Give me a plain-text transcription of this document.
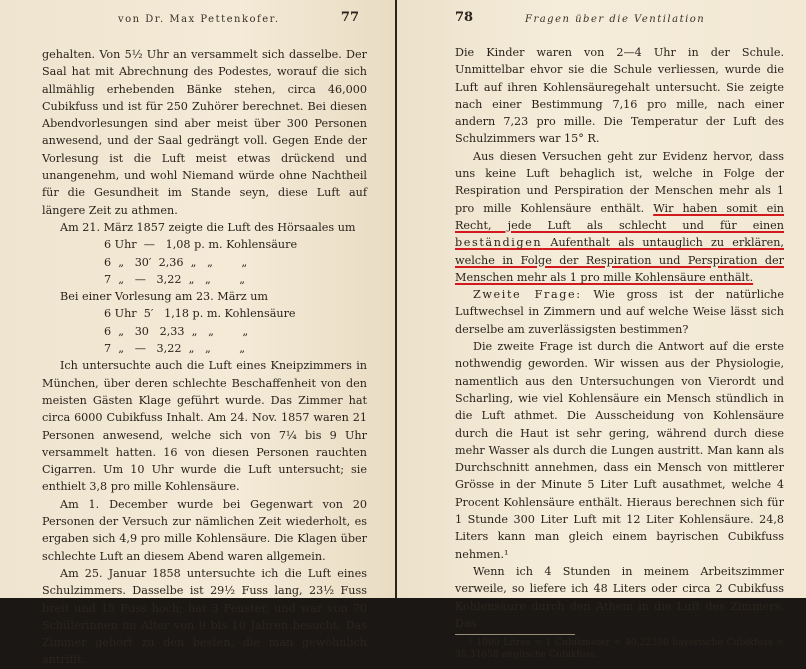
von Dr. Max Pettenkofer.	77

gehalten. Von 5½ Uhr an versammelt sich dasselbe. Der Saal hat mit Abrechnung des Podestes, worauf die sich allmählig erhebenden Bänke stehen, circa 46,000 Cubikfuss und ist für 250 Zuhörer berechnet. Bei diesen Abendvorlesungen sind aber meist über 300 Personen anwesend, und der Saal gedrängt voll. Gegen Ende der Vorlesung ist die Luft meist etwas drückend und unangenehm, und wohl Niemand würde ohne Nachtheil für die Gesundheit im Stande seyn, diese Luft auf längere Zeit zu athmen.

Am 21. März 1857 zeigte die Luft des Hörsaales um

6 Uhr  —   1,08 p. m. Kohlensäure

6  „   30′  2,36  „   „        „

7  „   —   3,22  „   „        „

Bei einer Vorlesung am 23. März um

6 Uhr  5′   1,18 p. m. Kohlensäure

6  „   30   2,33  „   „        „

7  „   —   3,22  „   „        „

Ich untersuchte auch die Luft eines Kneipzimmers in München, über deren schlechte Beschaffenheit von den meisten Gästen Klage geführt wurde. Das Zimmer hat circa 6000 Cubikfuss Inhalt. Am 24. Nov. 1857 waren 21 Personen anwesend, welche sich von 7¼ bis 9 Uhr versammelt hatten. 16 von diesen Personen rauchten Cigarren. Um 10 Uhr wurde die Luft untersucht; sie enthielt 3,8 pro mille Kohlensäure.

Am 1. December wurde bei Gegenwart von 20 Personen der Versuch zur nämlichen Zeit wiederholt, es ergaben sich 4,9 pro mille Kohlensäure. Die Klagen über schlechte Luft an diesem Abend waren allgemein.

Am 25. Januar 1858 untersuchte ich die Luft eines Schulzimmers. Dasselbe ist 29½ Fuss lang, 23½ Fuss breit und 15 Fuss hoch; hat 3 Feuster, und war von 70 Schülerinnen im Alter von 9 bis 10 Jahren besucht. Das Zimmer gehört zu den besten, die man gewöhnlich antrifft.

78	Fragen über die Ventilation

Die Kinder waren von 2—4 Uhr in der Schule. Unmittelbar ehvor sie die Schule verliessen, wurde die Luft auf ihren Kohlensäuregehalt untersucht. Sie zeigte nach einer Bestimmung 7,16 pro mille, nach einer andern 7,23 pro mille. Die Temperatur der Luft des Schulzimmers war 15° R.

Aus diesen Versuchen geht zur Evidenz hervor, dass uns keine Luft behaglich ist, welche in Folge der Respiration und Perspiration der Menschen mehr als 1 pro mille Kohlensäure enthält. Wir haben somit ein Recht, jede Luft als schlecht und für einen beständigen Aufenthalt als untauglich zu erklären, welche in Folge der Respiration und Perspiration der Menschen mehr als 1 pro mille Kohlensäure enthält.

Zweite Frage: Wie gross ist der natürliche Luftwechsel in Zimmern und auf welche Weise lässt sich derselbe am zuverlässigsten bestimmen?

Die zweite Frage ist durch die Antwort auf die erste nothwendig geworden. Wir wissen aus der Physiologie, namentlich aus den Untersuchungen von Vierordt und Scharling, wie viel Kohlensäure ein Mensch stündlich in die Luft athmet. Die Ausscheidung von Kohlensäure durch die Haut ist sehr gering, während durch diese mehr Wasser als durch die Lungen austritt. Man kann als Durchschnitt annehmen, dass ein Mensch von mittlerer Grösse in der Minute 5 Liter Luft ausathmet, welche 4 Procent Kohlensäure enthält. Hieraus berechnen sich für 1 Stunde 300 Liter Luft mit 12 Liter Kohlensäure. 24,8 Liters kann man gleich einem bayrischen Cubikfuss nehmen.¹

Wenn ich 4 Stunden in meinem Arbeitszimmer verweile, so liefere ich 48 Liters oder circa 2 Cubikfuss Kohlensäure durch den Athem in die Luft des Zimmers. Das

¹ 1000 Litres = 1 Cubikmeter = 40,22350 bayerische Cubikfuss = 35,31658 englische Cubikfuss.
